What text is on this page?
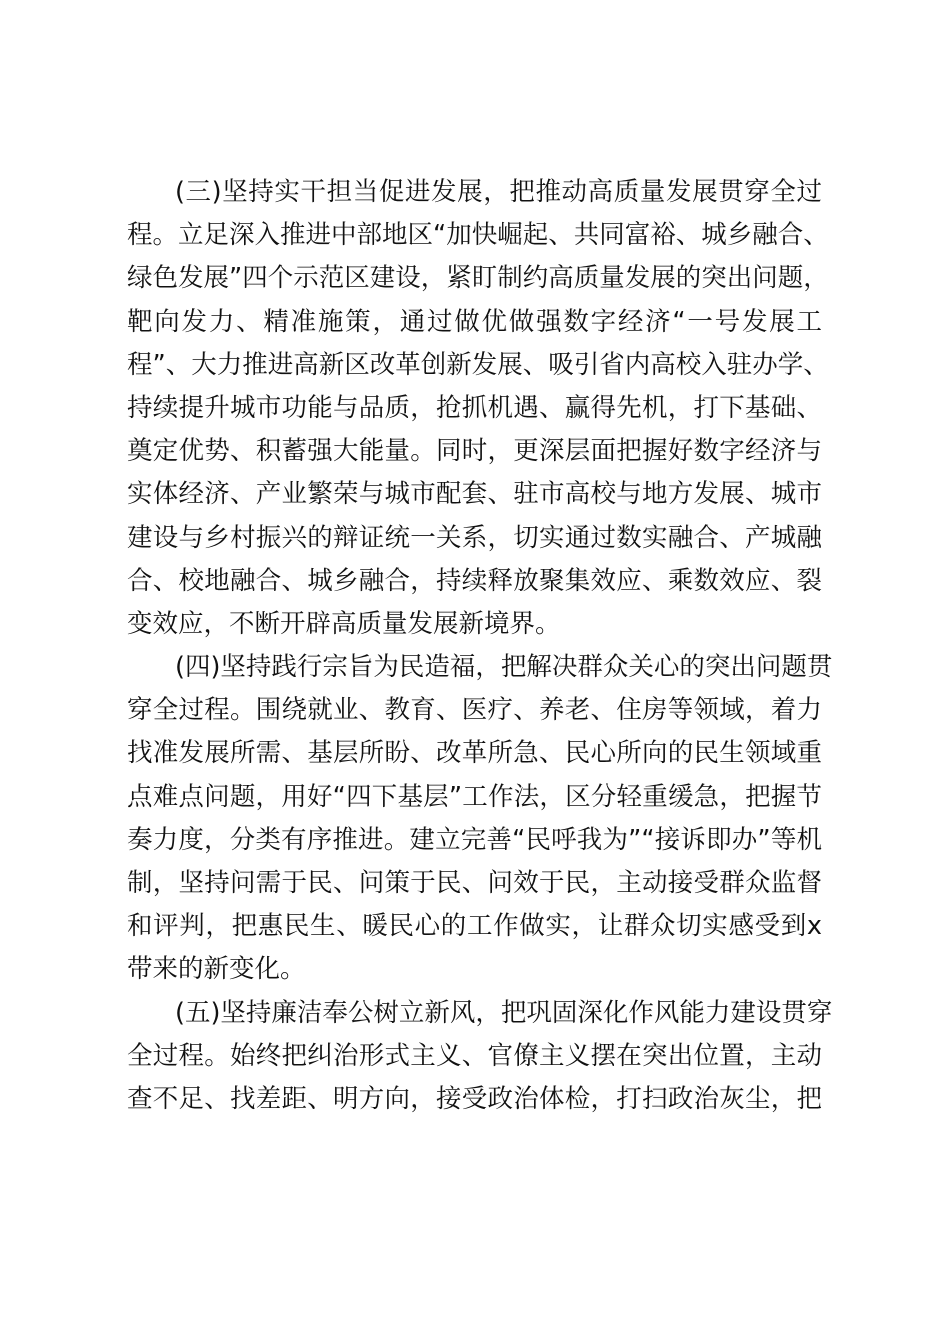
(三)坚持实干担当促进发展，把推动高质量发展贯穿全过
程。立足深入推进中部地区“加快崛起、共同富裕、城乡融合、
绿色发展”四个示范区建设，紧盯制约高质量发展的突出问题，
靶向发力、精准施策，通过做优做强数字经济“一号发展工
程”、大力推进高新区改革创新发展、吸引省内高校入驻办学、
持续提升城市功能与品质，抢抓机遇、赢得先机，打下基础、
奠定优势、积蓄强大能量。同时，更深层面把握好数字经济与
实体经济、产业繁荣与城市配套、驻市高校与地方发展、城市
建设与乡村振兴的辩证统一关系，切实通过数实融合、产城融
合、校地融合、城乡融合，持续释放聚集效应、乘数效应、裂
变效应，不断开辟高质量发展新境界。
(四)坚持践行宗旨为民造福，把解决群众关心的突出问题贯
穿全过程。围绕就业、教育、医疗、养老、住房等领域，着力
找准发展所需、基层所盼、改革所急、民心所向的民生领域重
点难点问题，用好“四下基层”工作法，区分轻重缓急，把握节
奏力度，分类有序推进。建立完善“民呼我为”“接诉即办”等机
制，坚持问需于民、问策于民、问效于民，主动接受群众监督
和评判，把惠民生、暖民心的工作做实，让群众切实感受到x
带来的新变化。
(五)坚持廉洁奉公树立新风，把巩固深化作风能力建设贯穿
全过程。始终把纠治形式主义、官僚主义摆在突出位置，主动
查不足、找差距、明方向，接受政治体检，打扫政治灰尘，把
